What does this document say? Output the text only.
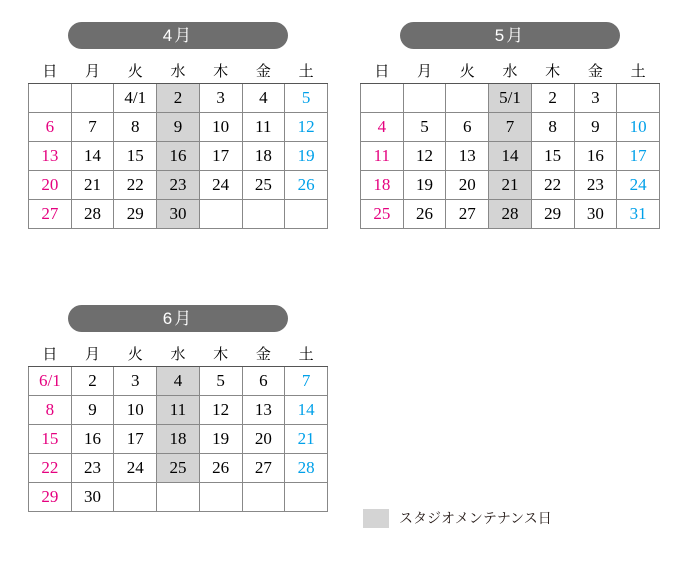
4月
日	月	火	水	木	金	土
		4/1	2	3	4	5
6	7	8	9	10	11	12
13	14	15	16	17	18	19
20	21	22	23	24	25	26
27	28	29	30			
5月
日	月	火	水	木	金	土
			5/1	2	3	
4	5	6	7	8	9	10
11	12	13	14	15	16	17
18	19	20	21	22	23	24
25	26	27	28	29	30	31
6月
日	月	火	水	木	金	土
6/1	2	3	4	5	6	7
8	9	10	11	12	13	14
15	16	17	18	19	20	21
22	23	24	25	26	27	28
29	30					
スタジオメンテナンス日
